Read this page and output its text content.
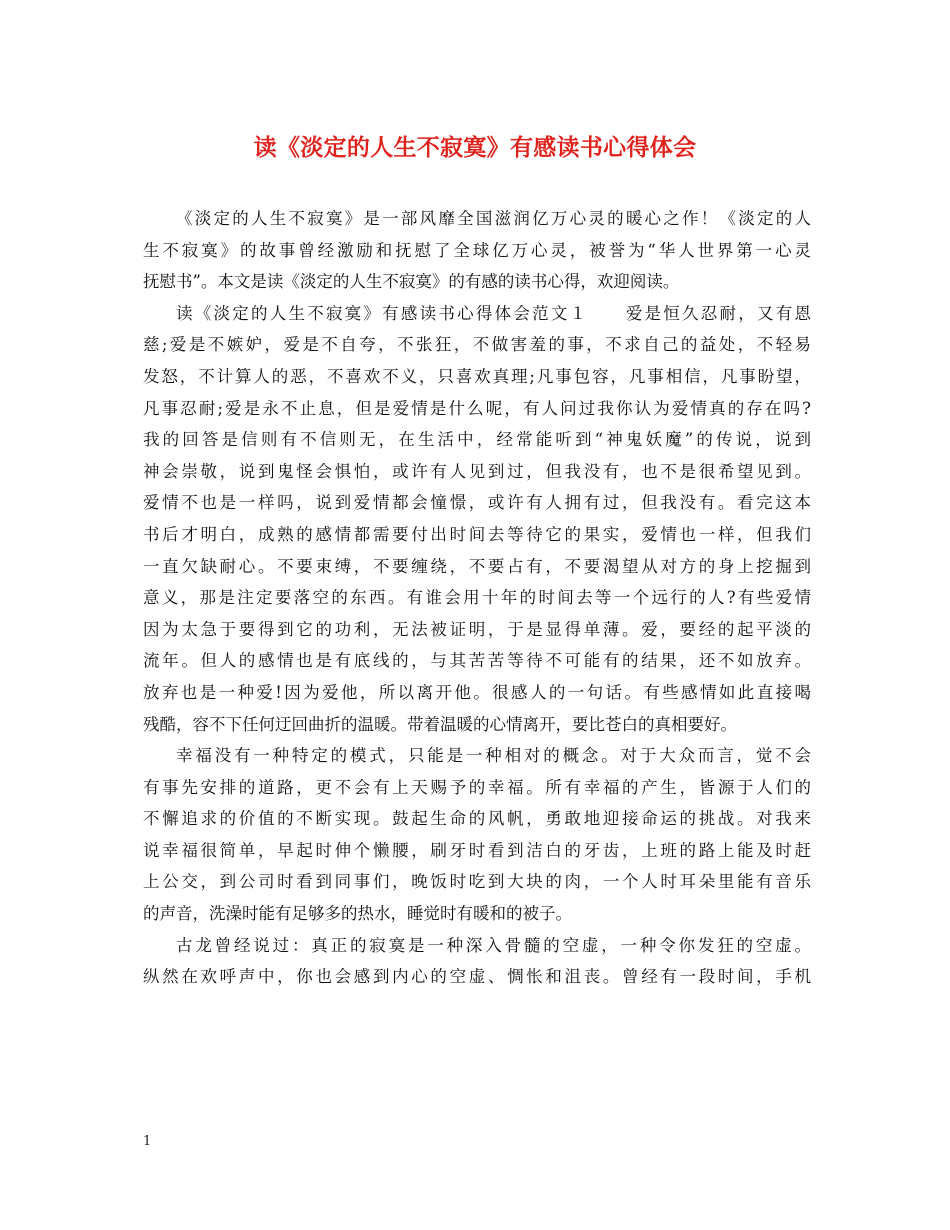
读《淡定的人生不寂寞》有感读书心得体会
《淡定的人生不寂寞》是一部风靡全国滋润亿万心灵的暖心之作！《淡定的人
生不寂寞》的故事曾经激励和抚慰了全球亿万心灵，被誉为“华人世界第一心灵
抚慰书”。本文是读《淡定的人生不寂寞》的有感的读书心得，欢迎阅读。
读《淡定的人生不寂寞》有感读书心得体会范文１　　爱是恒久忍耐，又有恩
慈;爱是不嫉妒，爱是不自夸，不张狂，不做害羞的事，不求自己的益处，不轻易
发怒，不计算人的恶，不喜欢不义，只喜欢真理;凡事包容，凡事相信，凡事盼望，
凡事忍耐;爱是永不止息，但是爱情是什么呢，有人问过我你认为爱情真的存在吗?
我的回答是信则有不信则无，在生活中，经常能听到“神鬼妖魔”的传说，说到
神会崇敬，说到鬼怪会惧怕，或许有人见到过，但我没有，也不是很希望见到。
爱情不也是一样吗，说到爱情都会憧憬，或许有人拥有过，但我没有。看完这本
书后才明白，成熟的感情都需要付出时间去等待它的果实，爱情也一样，但我们
一直欠缺耐心。不要束缚，不要缠绕，不要占有，不要渴望从对方的身上挖掘到
意义，那是注定要落空的东西。有谁会用十年的时间去等一个远行的人?有些爱情
因为太急于要得到它的功利，无法被证明，于是显得单薄。爱，要经的起平淡的
流年。但人的感情也是有底线的，与其苦苦等待不可能有的结果，还不如放弃。
放弃也是一种爱!因为爱他，所以离开他。很感人的一句话。有些感情如此直接喝
残酷，容不下任何迂回曲折的温暖。带着温暖的心情离开，要比苍白的真相要好。
幸福没有一种特定的模式，只能是一种相对的概念。对于大众而言，觉不会
有事先安排的道路，更不会有上天赐予的幸福。所有幸福的产生，皆源于人们的
不懈追求的价值的不断实现。鼓起生命的风帆，勇敢地迎接命运的挑战。对我来
说幸福很简单，早起时伸个懒腰，刷牙时看到洁白的牙齿，上班的路上能及时赶
上公交，到公司时看到同事们，晚饭时吃到大块的肉，一个人时耳朵里能有音乐
的声音，洗澡时能有足够多的热水，睡觉时有暖和的被子。
古龙曾经说过：真正的寂寞是一种深入骨髓的空虚，一种令你发狂的空虚。
纵然在欢呼声中，你也会感到内心的空虚、惆怅和沮丧。曾经有一段时间，手机
1
